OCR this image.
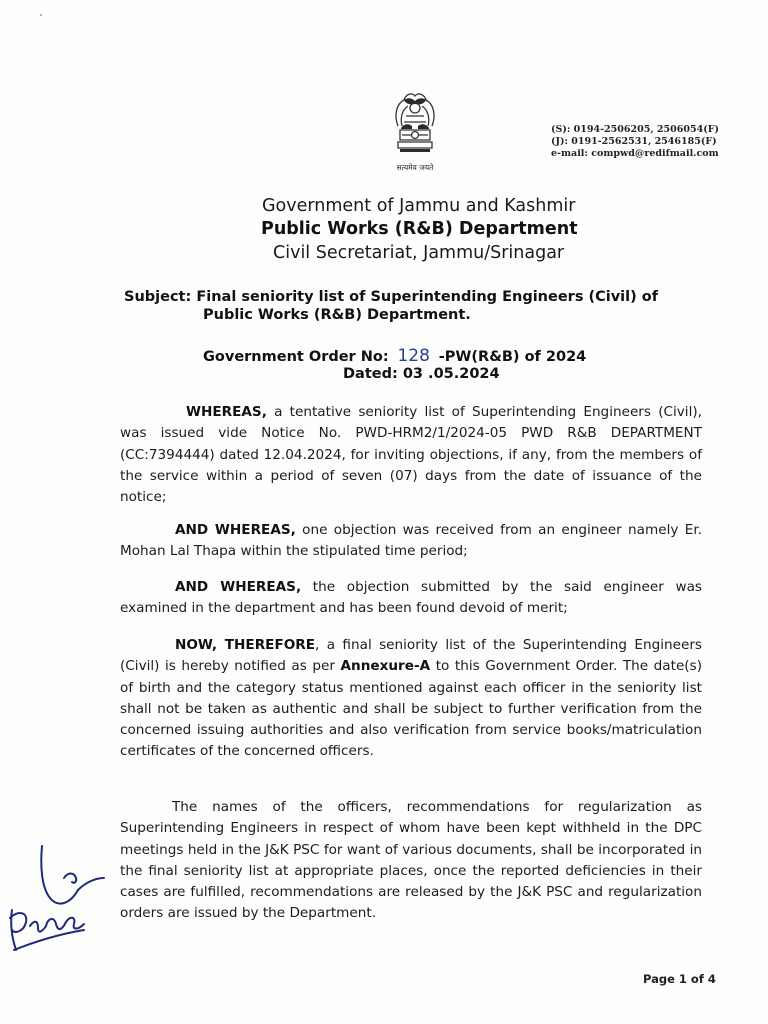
सत्यमेव जयते
(S): 0194-2506205, 2506054(F)
(J): 0191-2562531, 2546185(F)
e-mail: compwd@redifmail.com
Government of Jammu and Kashmir
Public Works (R&B) Department
Civil Secretariat, Jammu/Srinagar
Subject: Final seniority list of Superintending Engineers (Civil) of
Public Works (R&B) Department.
Government Order No: 128 -PW(R&B) of 2024
Dated: 03 .05.2024
WHEREAS, a tentative seniority list of Superintending Engineers (Civil), was issued vide Notice No. PWD-HRM2/1/2024-05 PWD R&B DEPARTMENT (CC:7394444) dated 12.04.2024, for inviting objections, if any, from the members of the service within a period of seven (07) days from the date of issuance of the notice;
AND WHEREAS, one objection was received from an engineer namely Er. Mohan Lal Thapa within the stipulated time period;
AND WHEREAS, the objection submitted by the said engineer was examined in the department and has been found devoid of merit;
NOW, THEREFORE, a final seniority list of the Superintending Engineers (Civil) is hereby notified as per Annexure-A to this Government Order. The date(s) of birth and the category status mentioned against each officer in the seniority list shall not be taken as authentic and shall be subject to further verification from the concerned issuing authorities and also verification from service books/matriculation certificates of the concerned officers.
The names of the officers, recommendations for regularization as Superintending Engineers in respect of whom have been kept withheld in the DPC meetings held in the J&K PSC for want of various documents, shall be incorporated in the final seniority list at appropriate places, once the reported deficiencies in their cases are fulfilled, recommendations are released by the J&K PSC and regularization orders are issued by the Department.
Page 1 of 4
